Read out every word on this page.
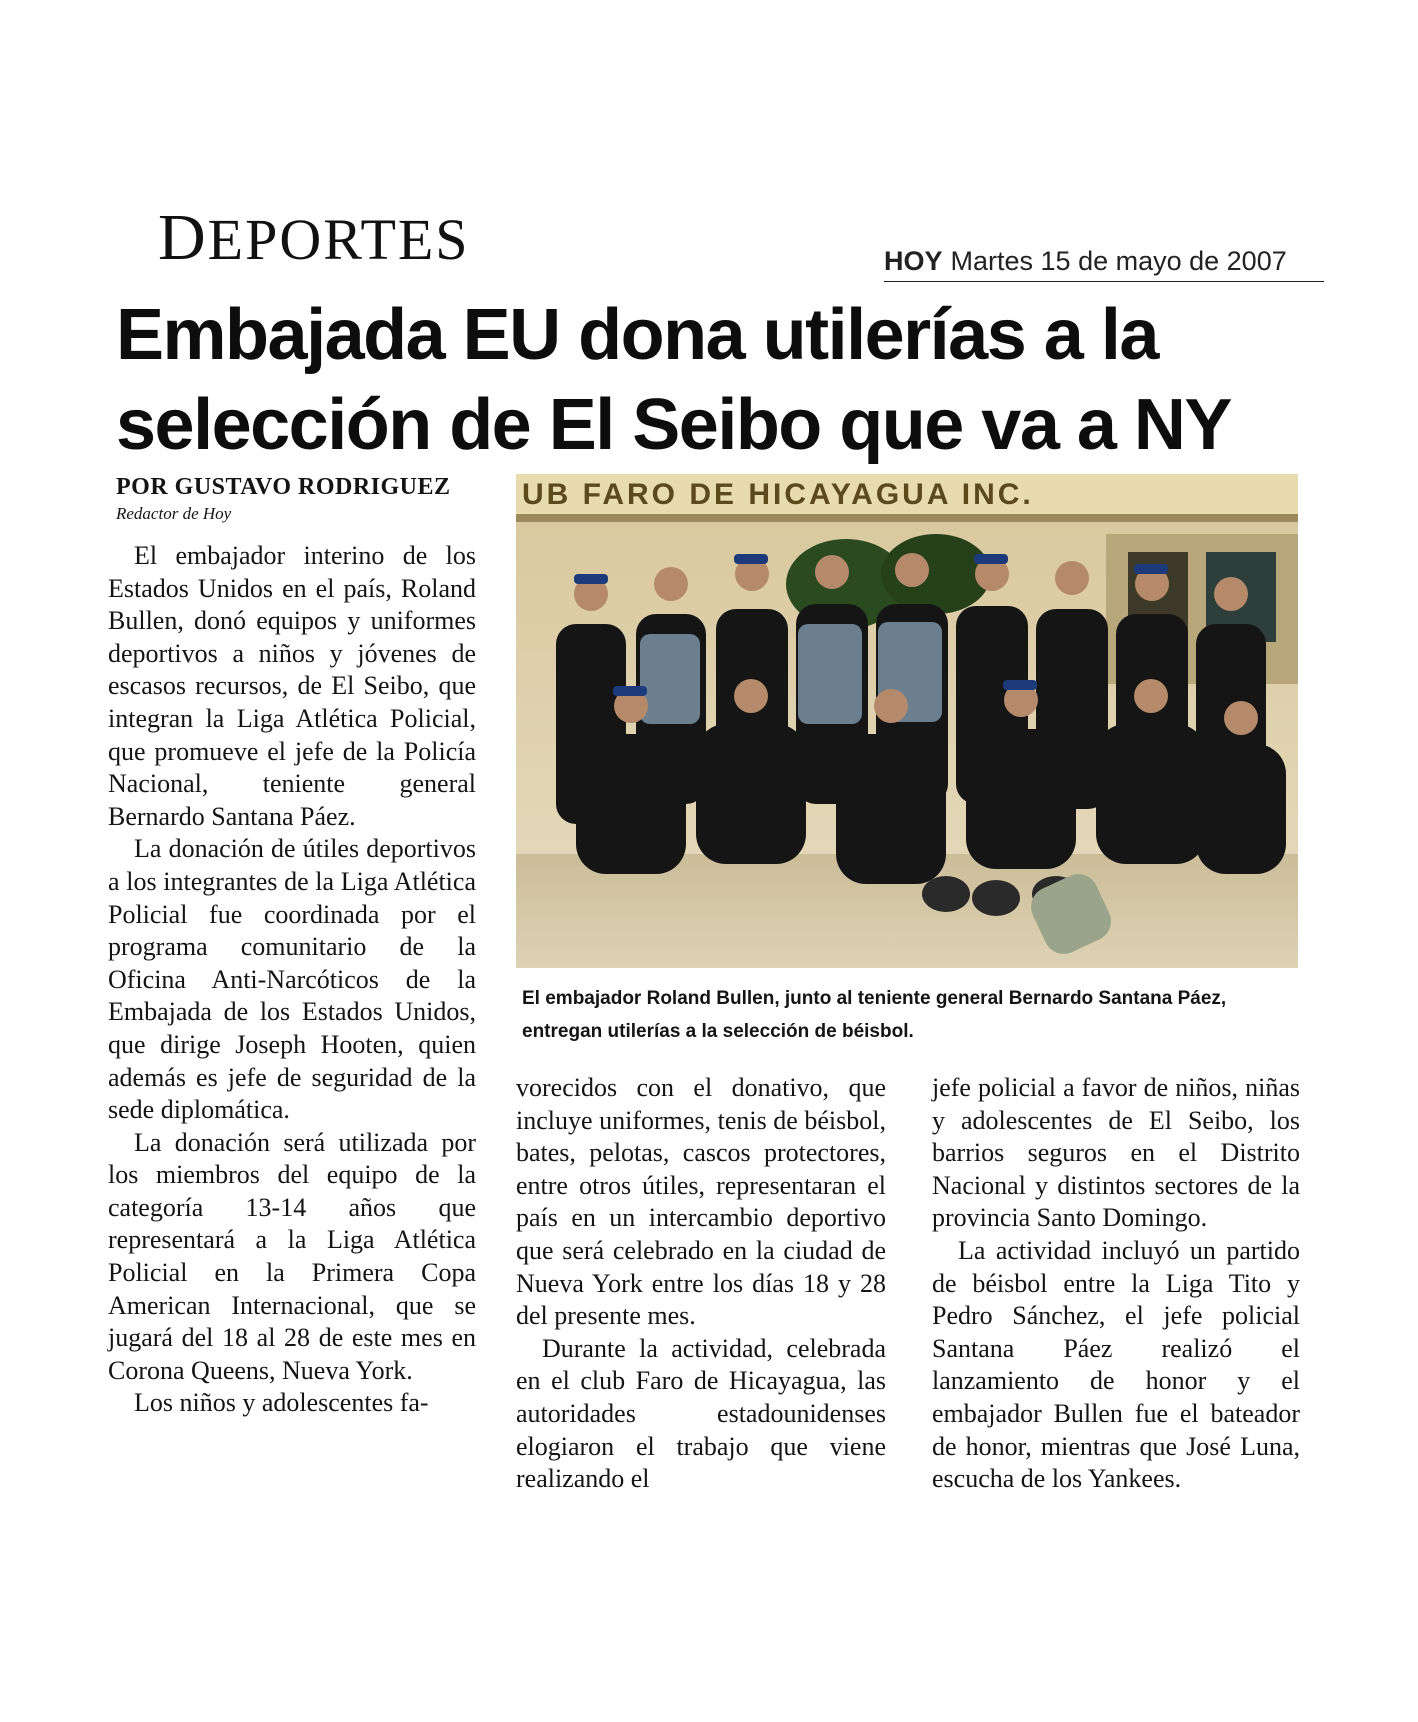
DEPORTES	HOY Martes 15 de mayo de 2007
Embajada EU dona utilerías a la selección de El Seibo que va a NY
POR GUSTAVO RODRIGUEZ
Redactor de Hoy

El embajador interino de los Estados Unidos en el país, Roland Bullen, donó equipos y uniformes deportivos a niños y jóvenes de escasos recursos, de El Seibo, que integran la Liga Atlética Policial, que promueve el jefe de la Policía Nacional, teniente general Bernardo Santana Páez.

La donación de útiles deportivos a los integrantes de la Liga Atlética Policial fue coordinada por el programa comunitario de la Oficina Anti-Narcóticos de la Embajada de los Estados Unidos, que dirige Joseph Hooten, quien además es jefe de seguridad de la sede diplomática.

La donación será utilizada por los miembros del equipo de la categoría 13-14 años que representará a la Liga Atlética Policial en la Primera Copa American Internacional, que se jugará del 18 al 28 de este mes en Corona Queens, Nueva York.

Los niños y adolescentes fa-

UB FARO DE HICAYAGUA INC.
El embajador Roland Bullen, junto al teniente general Bernardo Santana Páez, entregan utilerías a la selección de béisbol.

vorecidos con el donativo, que incluye uniformes, tenis de béisbol, bates, pelotas, cascos protectores, entre otros útiles, representaran el país en un intercambio deportivo que será celebrado en la ciudad de Nueva York entre los días 18 y 28 del presente mes.

Durante la actividad, celebrada en el club Faro de Hicayagua, las autoridades estadounidenses elogiaron el trabajo que viene realizando el

jefe policial a favor de niños, niñas y adolescentes de El Seibo, los barrios seguros en el Distrito Nacional y distintos sectores de la provincia Santo Domingo.

La actividad incluyó un partido de béisbol entre la Liga Tito y Pedro Sánchez, el jefe policial Santana Páez realizó el lanzamiento de honor y el embajador Bullen fue el bateador de honor, mientras que José Luna, escucha de los Yankees.
